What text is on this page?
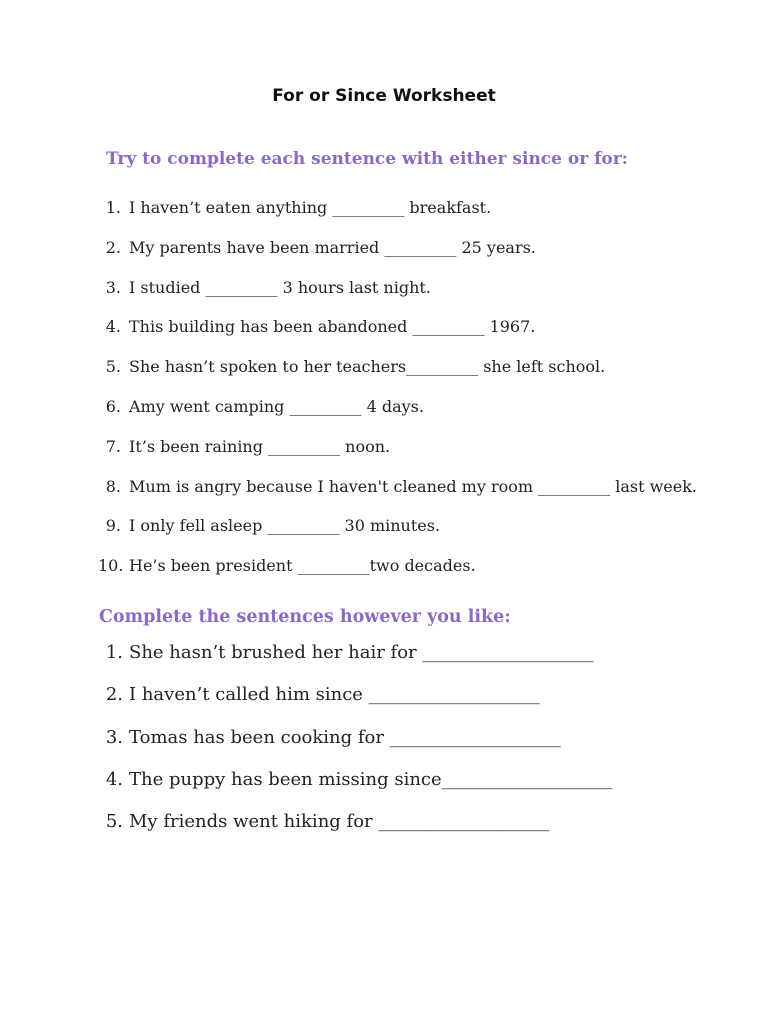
For or Since Worksheet
Try to complete each sentence with either since or for:
1. I haven’t eaten anything _________ breakfast.
2. My parents have been married _________ 25 years.
3. I studied _________ 3 hours last night.
4. This building has been abandoned _________ 1967.
5. She hasn’t spoken to her teachers_________ she left school.
6. Amy went camping _________ 4 days.
7. It’s been raining _________ noon.
8. Mum is angry because I haven't cleaned my room _________ last week.
9. I only fell asleep _________ 30 minutes.
10. He’s been president _________two decades.
Complete the sentences however you like:
1. She hasn’t brushed her hair for ___________________
2. I haven’t called him since ___________________
3. Tomas has been cooking for ___________________
4. The puppy has been missing since___________________
5. My friends went hiking for ___________________
